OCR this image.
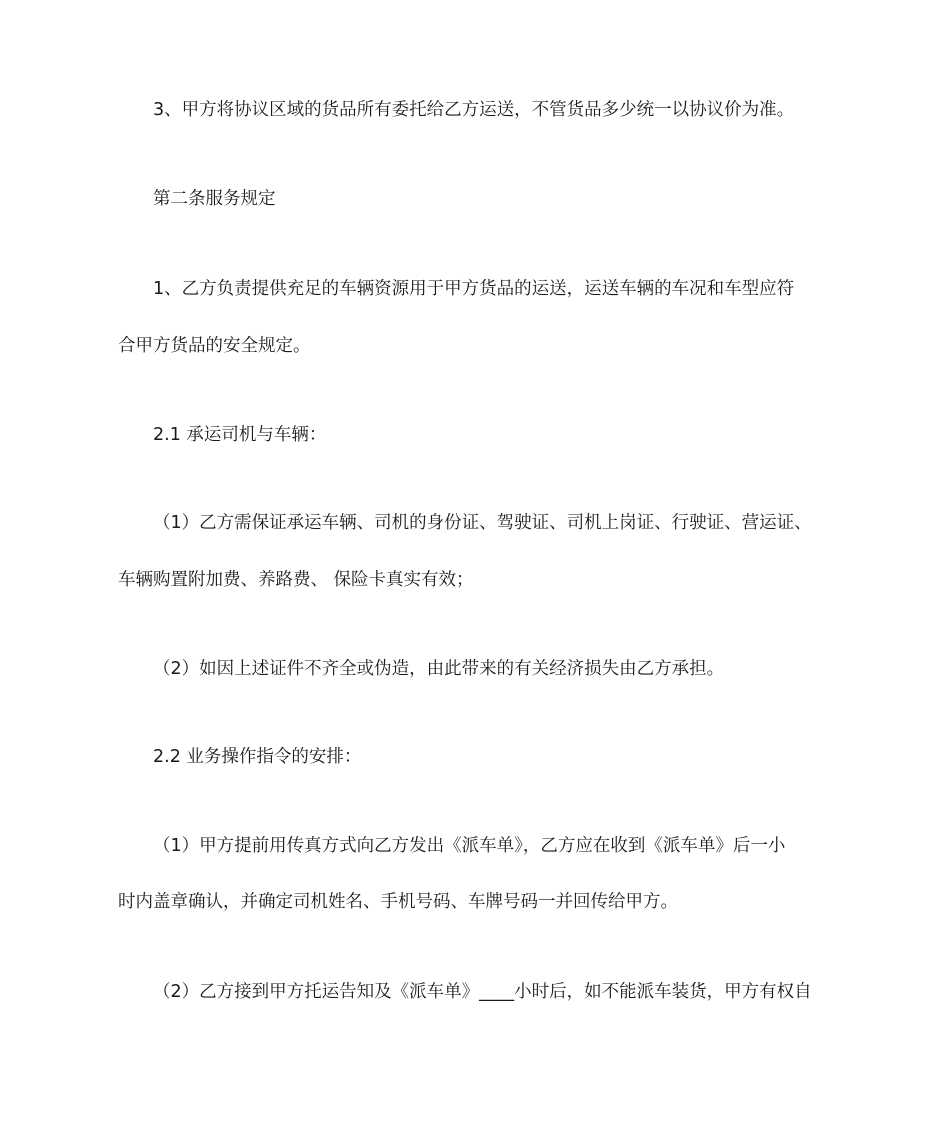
3、甲方将协议区域的货品所有委托给乙方运送，不管货品多少统一以协议价为准。

第二条服务规定

1、乙方负责提供充足的车辆资源用于甲方货品的运送，运送车辆的车况和车型应符

合甲方货品的安全规定。

2.1 承运司机与车辆：

（1）乙方需保证承运车辆、司机的身份证、驾驶证、司机上岗证、行驶证、营运证、

车辆购置附加费、养路费、 保险卡真实有效；

（2）如因上述证件不齐全或伪造，由此带来的有关经济损失由乙方承担。

2.2 业务操作指令的安排：

（1）甲方提前用传真方式向乙方发出《派车单》，乙方应在收到《派车单》后一小

时内盖章确认，并确定司机姓名、手机号码、车牌号码一并回传给甲方。

（2）乙方接到甲方托运告知及《派车单》____小时后，如不能派车装货，甲方有权自
